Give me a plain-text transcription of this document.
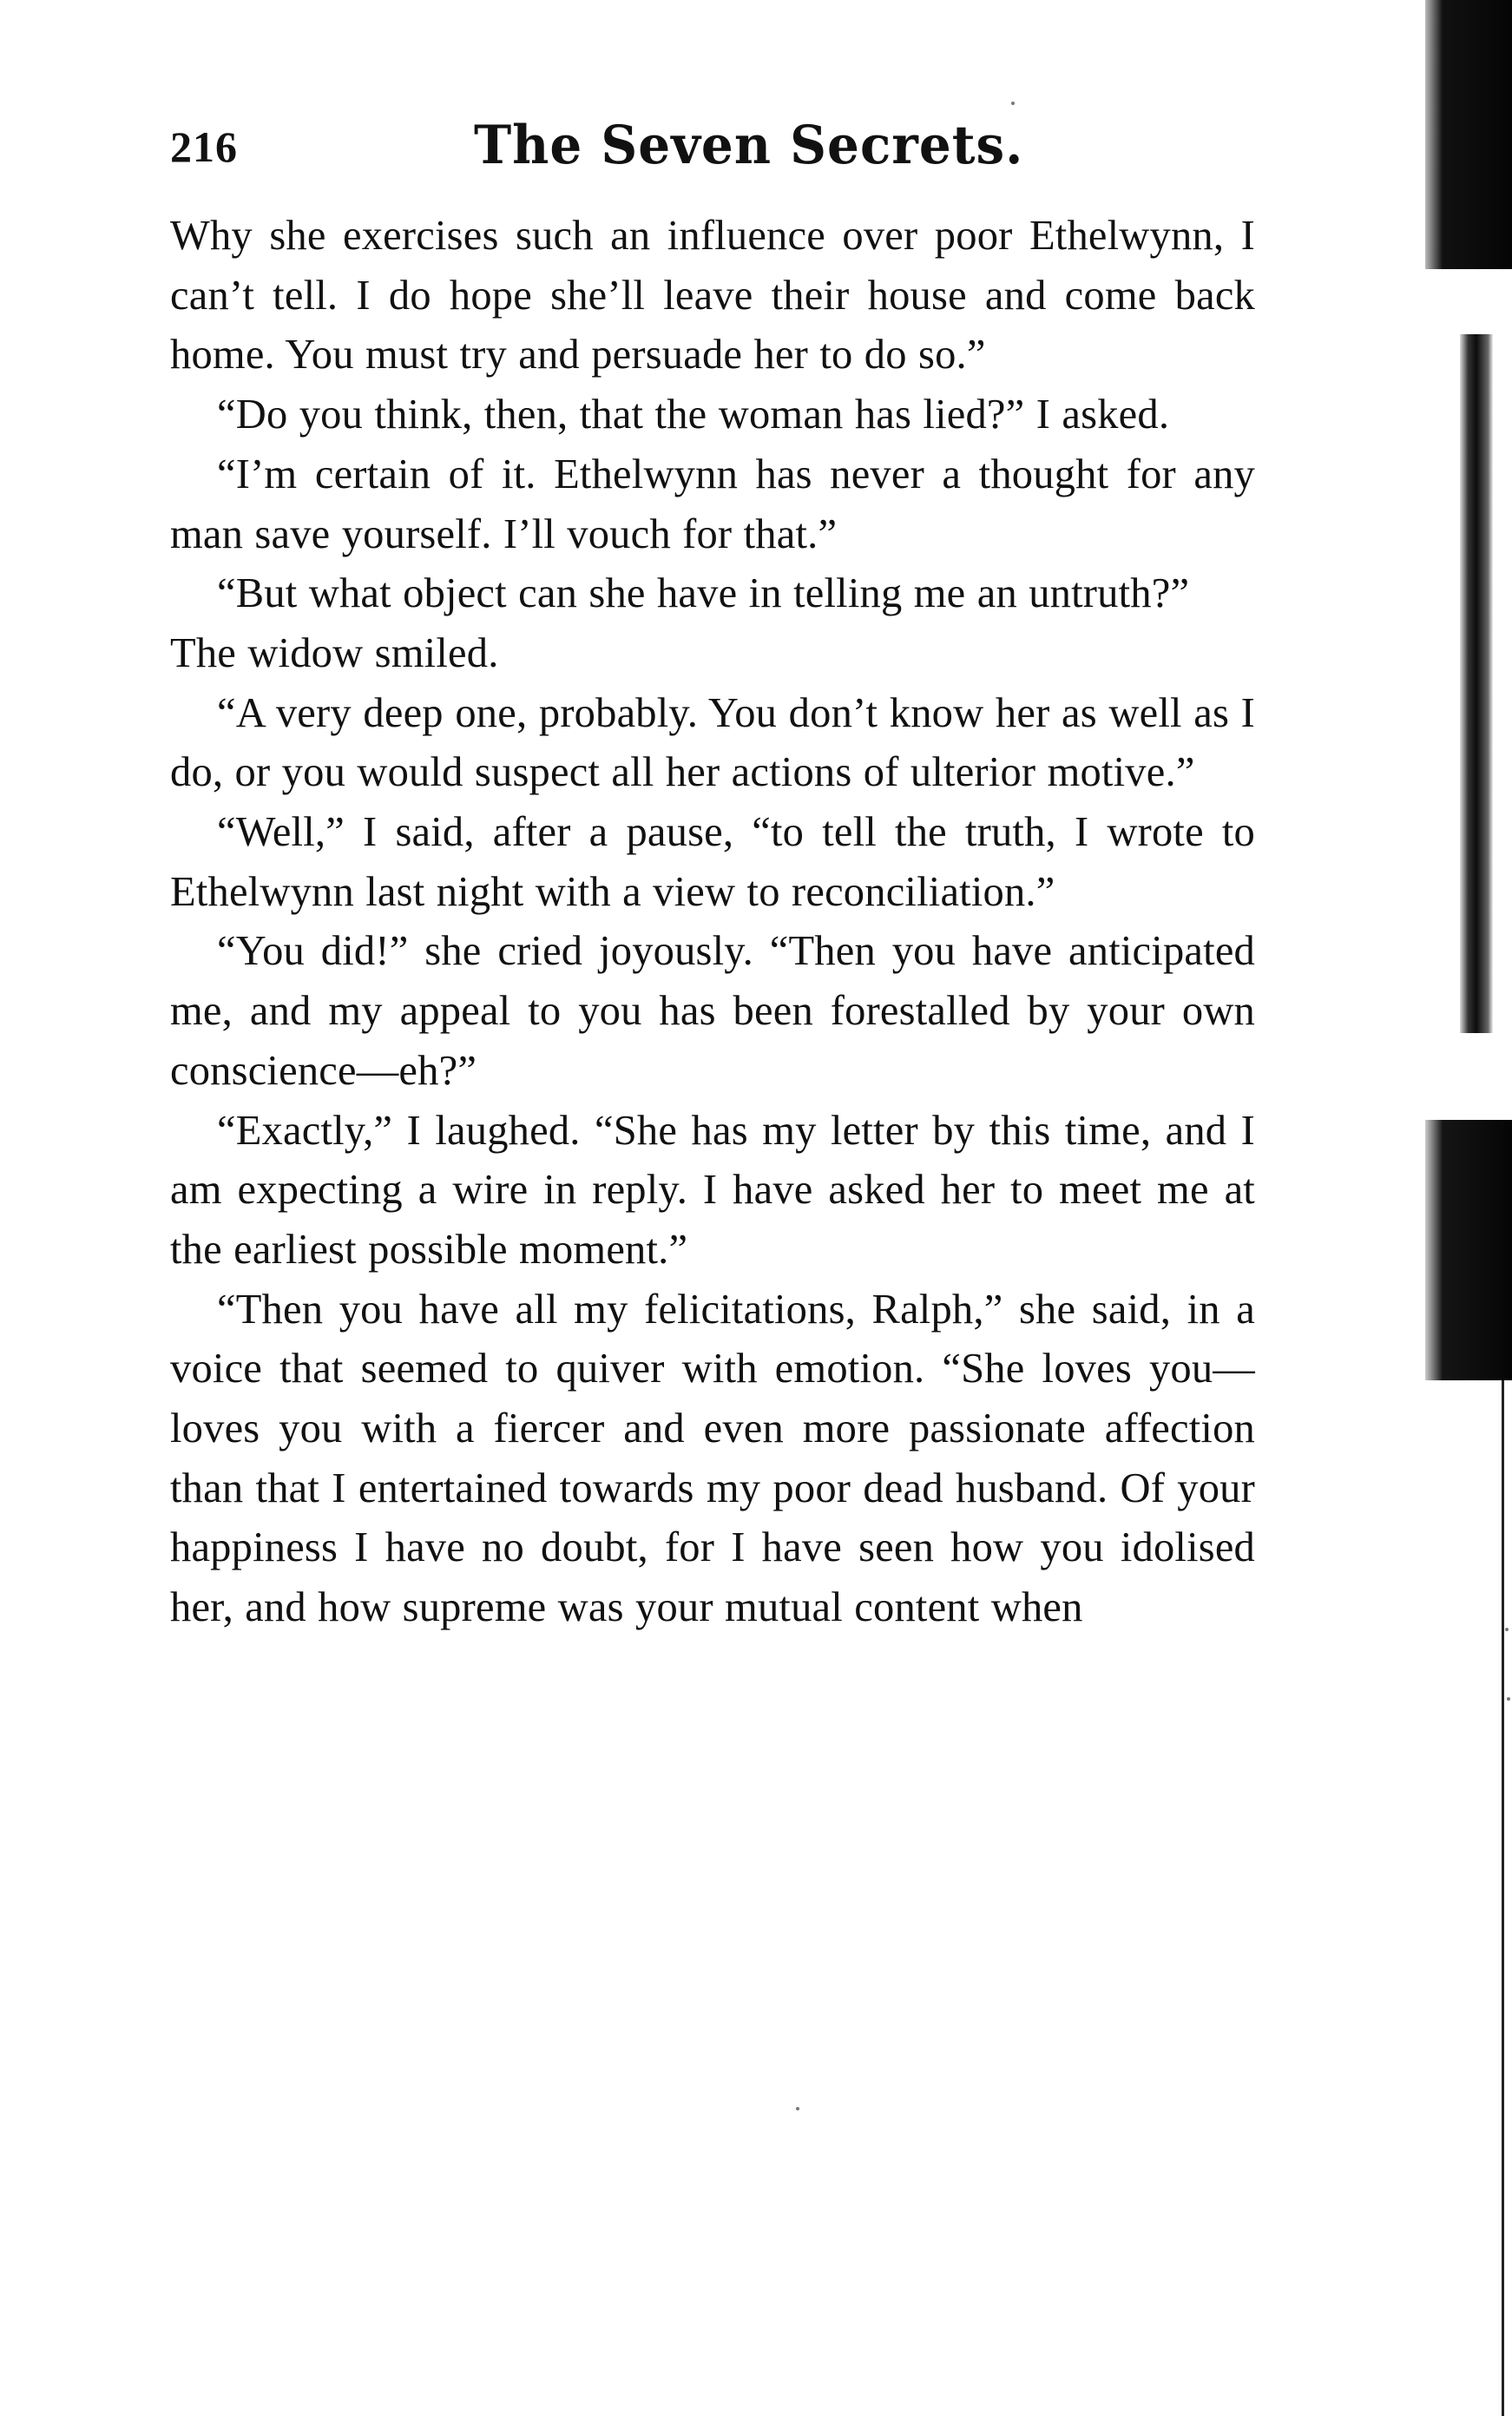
216	The Seven Secrets.

Why she exercises such an influence over poor Ethelwynn, I can’t tell. I do hope she’ll leave their house and come back home. You must try and persuade her to do so.”

“Do you think, then, that the woman has lied?” I asked.

“I’m certain of it. Ethelwynn has never a thought for any man save yourself. I’ll vouch for that.”

“But what object can she have in telling me an untruth?”

The widow smiled.

“A very deep one, probably. You don’t know her as well as I do, or you would suspect all her actions of ulterior motive.”

“Well,” I said, after a pause, “to tell the truth, I wrote to Ethelwynn last night with a view to reconciliation.”

“You did!” she cried joyously. “Then you have anticipated me, and my appeal to you has been forestalled by your own conscience—eh?”

“Exactly,” I laughed. “She has my letter by this time, and I am expecting a wire in reply. I have asked her to meet me at the earliest possible moment.”

“Then you have all my felicitations, Ralph,” she said, in a voice that seemed to quiver with emotion. “She loves you—loves you with a fiercer and even more passionate affection than that I entertained towards my poor dead husband. Of your happiness I have no doubt, for I have seen how you idolised her, and how supreme was your mutual content when
